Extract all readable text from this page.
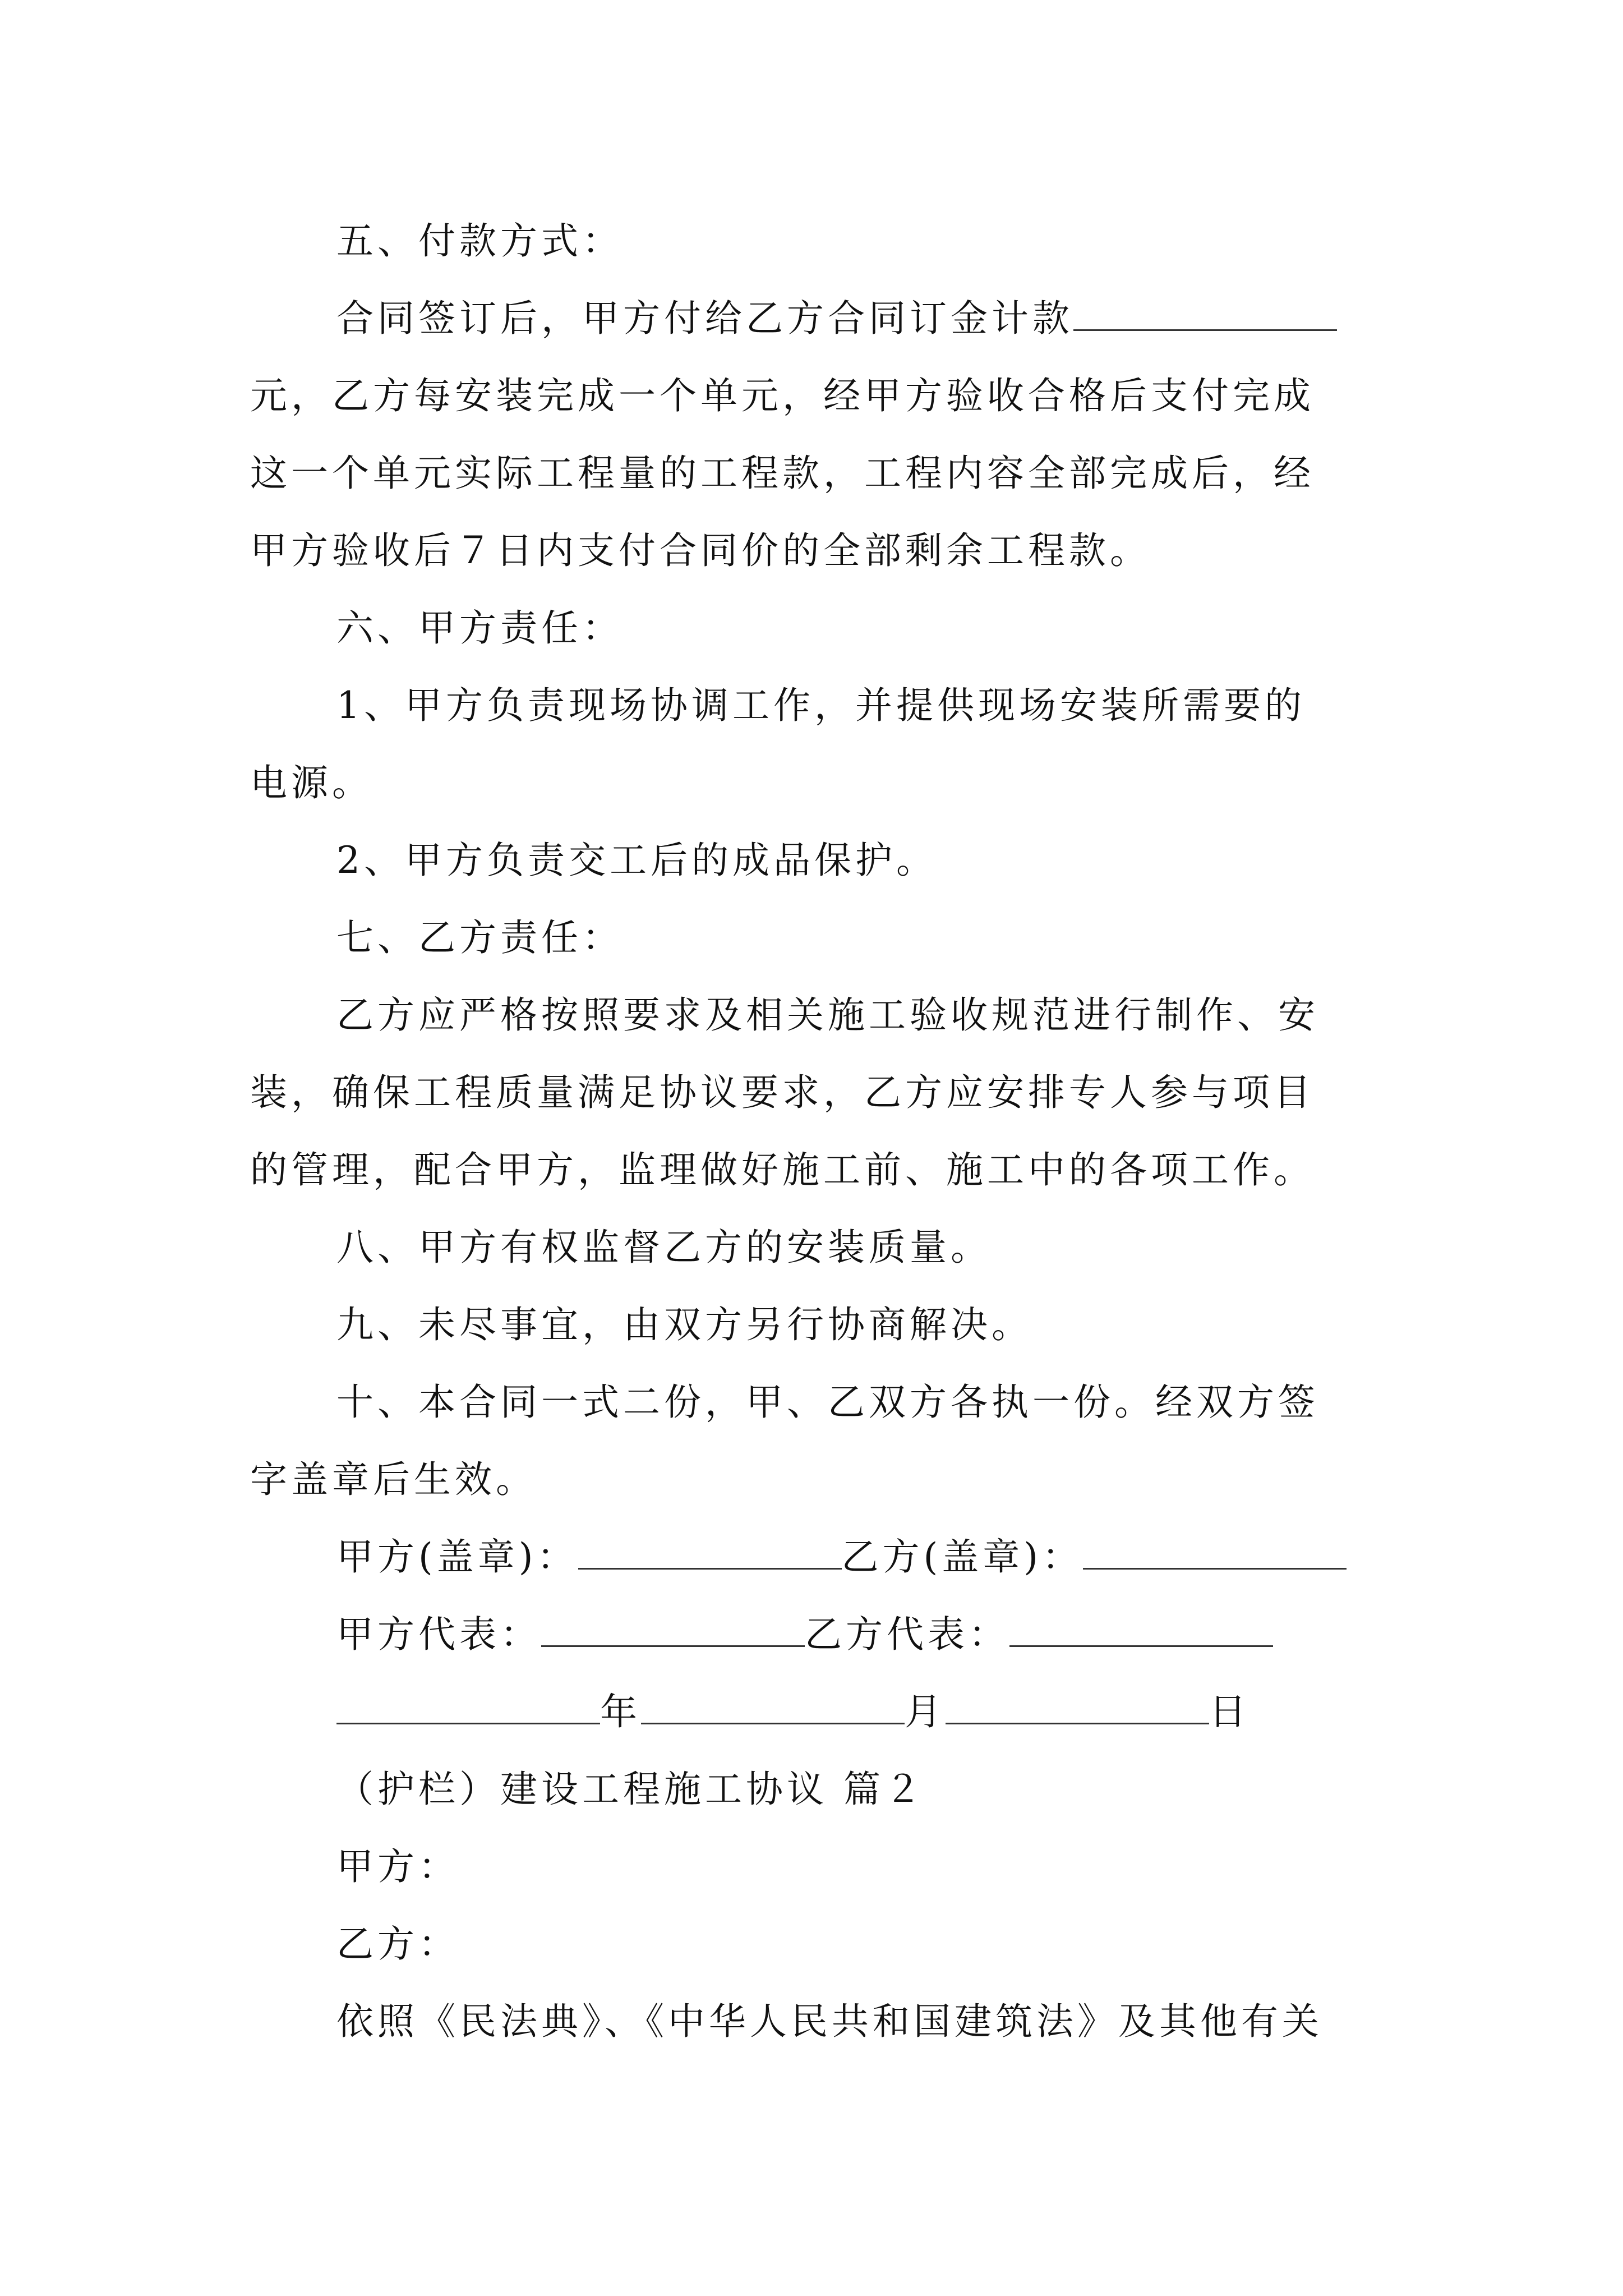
五、付款方式：
合同签订后，甲方付给乙方合同订金计款
元，乙方每安装完成一个单元，经甲方验收合格后支付完成
这一个单元实际工程量的工程款，工程内容全部完成后，经
甲方验收后７日内支付合同价的全部剩余工程款。
六、甲方责任：
1、甲方负责现场协调工作，并提供现场安装所需要的
电源。
2、甲方负责交工后的成品保护。
七、乙方责任：
乙方应严格按照要求及相关施工验收规范进行制作、安
装，确保工程质量满足协议要求，乙方应安排专人参与项目
的管理，配合甲方，监理做好施工前、施工中的各项工作。
八、甲方有权监督乙方的安装质量。
九、未尽事宜，由双方另行协商解决。
十、本合同一式二份，甲、乙双方各执一份。经双方签
字盖章后生效。
甲方(盖章)：	乙方(盖章)：
甲方代表：	乙方代表：
年	月	日
（护栏）建设工程施工协议 篇２
甲方：
乙方：
依照《民法典》、《中华人民共和国建筑法》及其他有关
